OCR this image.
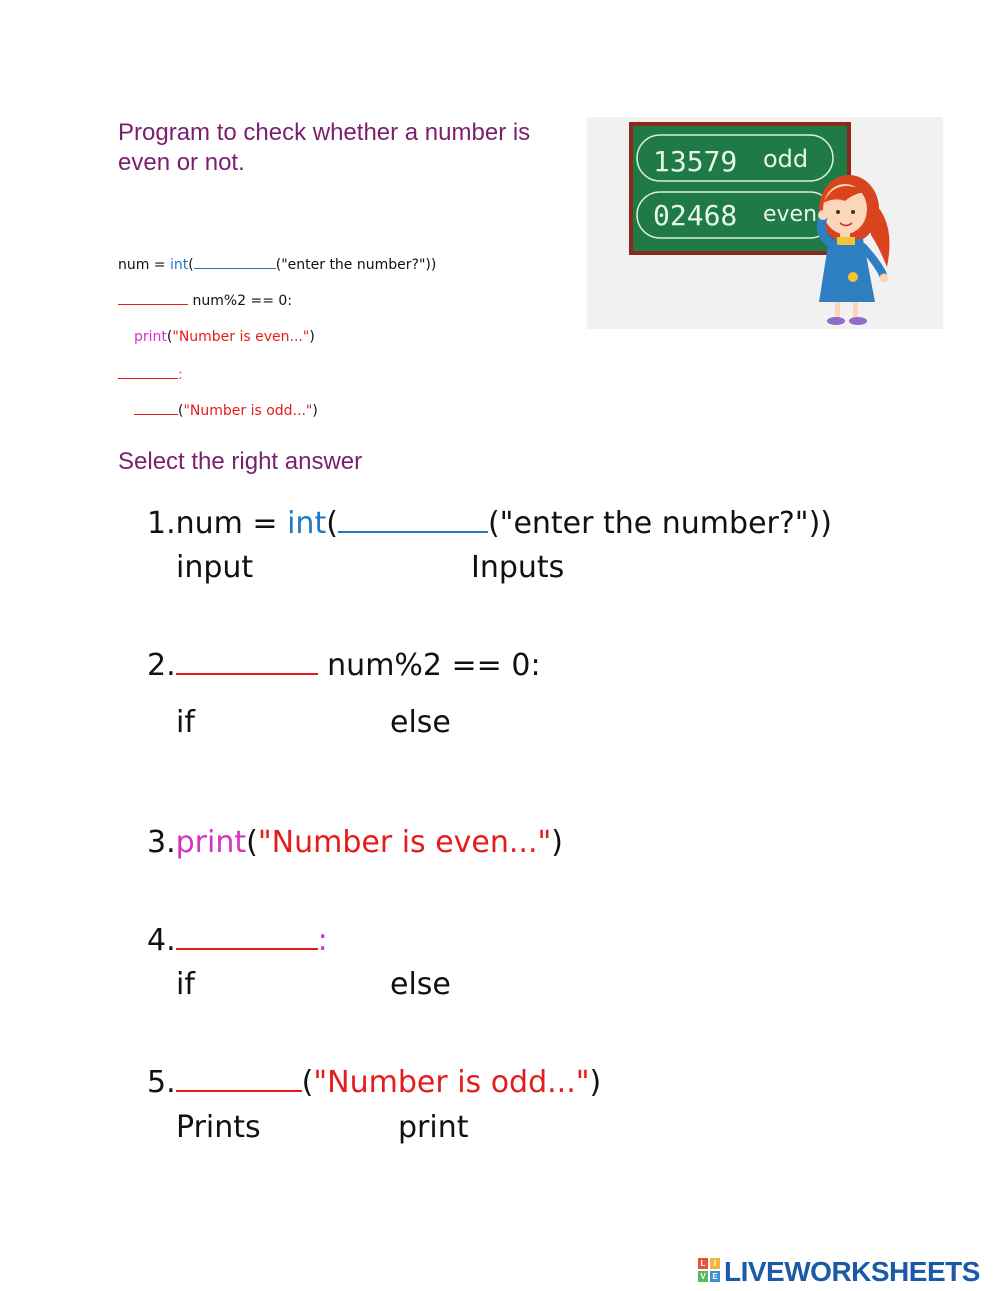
Program to check whether a number is even or not.	13579 odd
02468 even
num = int(	("enter the number?"))
num%2 == 0:
print("Number is even...")
:
("Number is odd...")
Select the right answer
1.num = int(	("enter the number?"))
input	Inputs
2.	num%2 == 0:
if	else
3.print("Number is even...")
4.	:
if	else
5.	("Number is odd...")
Prints	print
L	I
V E LIVEWORKSHEETS
